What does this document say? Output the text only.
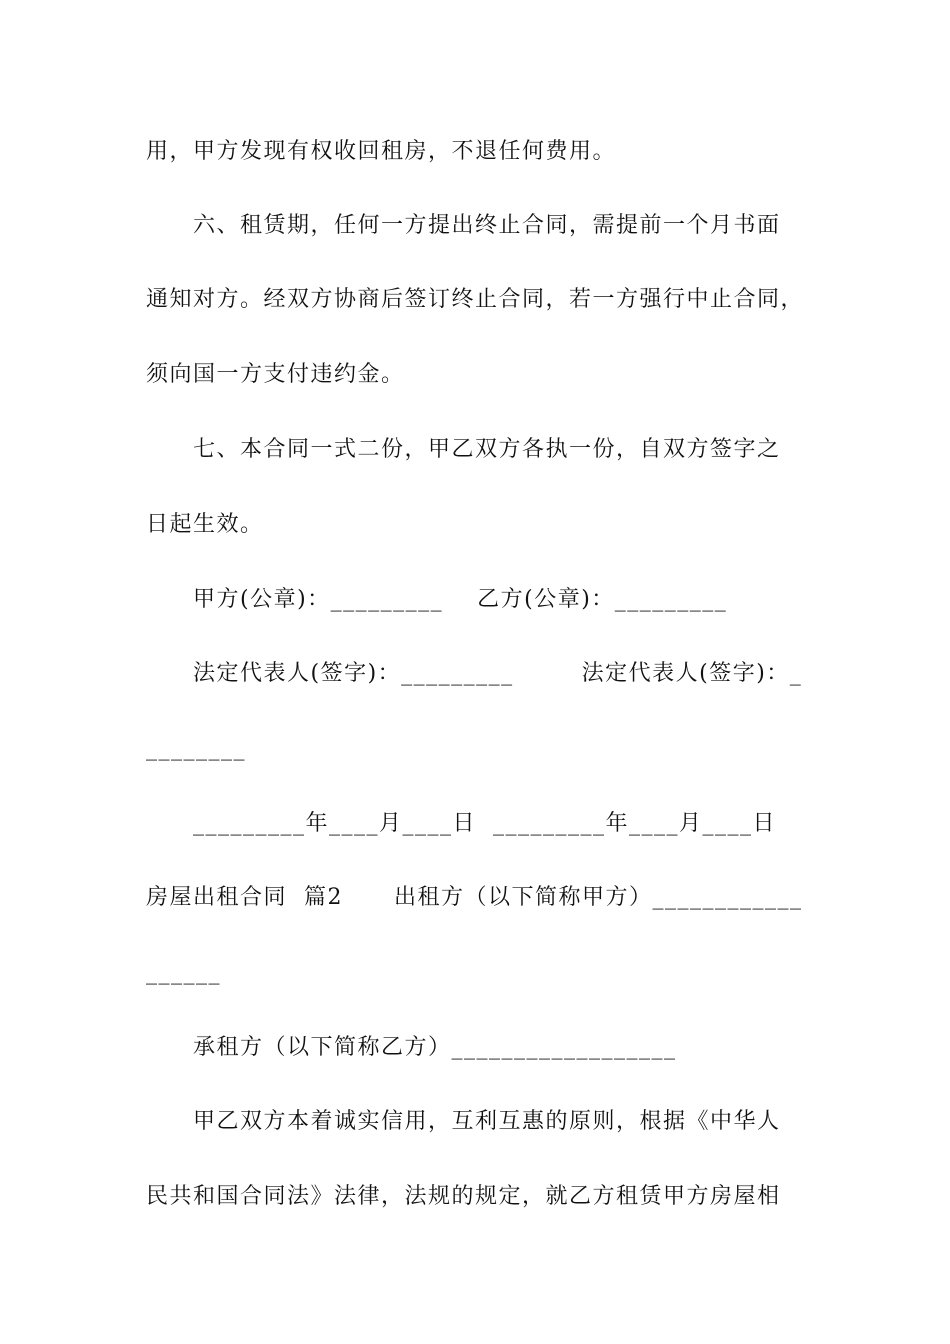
用，甲方发现有权收回租房，不退任何费用。
六、租赁期，任何一方提出终止合同，需提前一个月书面
通知对方。经双方协商后签订终止合同，若一方强行中止合同，
须向国一方支付违约金。
七、本合同一式二份，甲乙双方各执一份，自双方签字之
日起生效。
甲方(公章)：_________    乙方(公章)：_________
法定代表人(签字)：_________        法定代表人(签字)：_
________
_________年____月____日  _________年____月____日
房屋出租合同  篇2      出租方（以下简称甲方）____________
______
承租方（以下简称乙方）__________________
甲乙双方本着诚实信用，互利互惠的原则，根据《中华人
民共和国合同法》法律，法规的规定，就乙方租赁甲方房屋相
